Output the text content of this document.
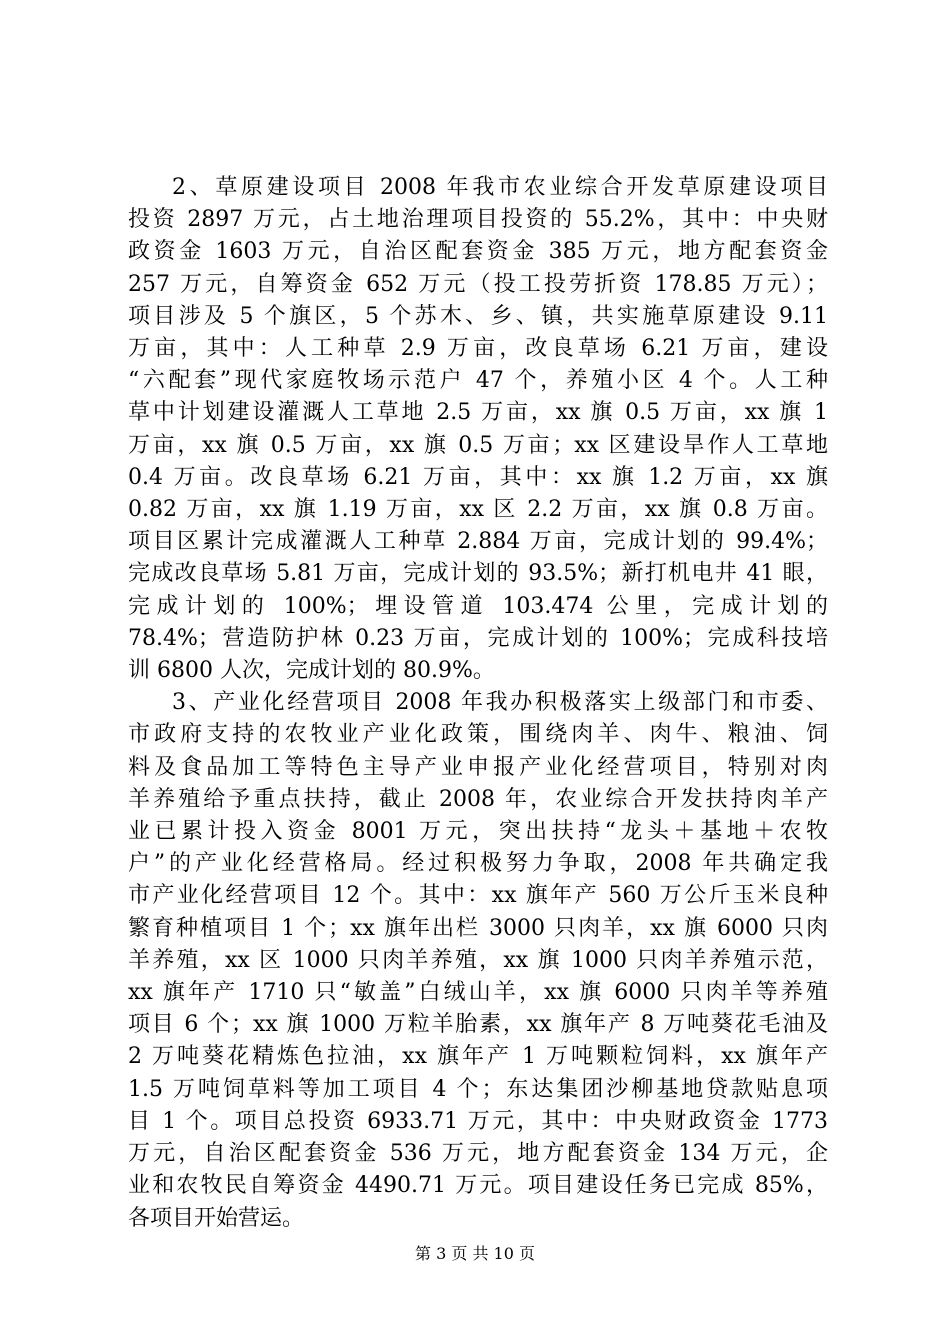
2、草原建设项目 2008 年我市农业综合开发草原建设项目
投资 2897 万元，占土地治理项目投资的 55.2%，其中：中央财
政资金 1603 万元，自治区配套资金 385 万元，地方配套资金
257 万元，自筹资金 652 万元（投工投劳折资 178.85 万元）；
项目涉及 5 个旗区，5 个苏木、乡、镇，共实施草原建设 9.11
万亩，其中：人工种草 2.9 万亩，改良草场 6.21 万亩，建设
“六配套”现代家庭牧场示范户 47 个，养殖小区 4 个。人工种
草中计划建设灌溉人工草地 2.5 万亩，xx 旗 0.5 万亩，xx 旗 1
万亩，xx 旗 0.5 万亩，xx 旗 0.5 万亩；xx 区建设旱作人工草地
0.4 万亩。改良草场 6.21 万亩，其中：xx 旗 1.2 万亩，xx 旗
0.82 万亩，xx 旗 1.19 万亩，xx 区 2.2 万亩，xx 旗 0.8 万亩。
项目区累计完成灌溉人工种草 2.884 万亩，完成计划的 99.4%；
完成改良草场 5.81 万亩，完成计划的 93.5%；新打机电井 41 眼，
完成计划的 100%；埋设管道 103.474 公里，完成计划的
78.4%；营造防护林 0.23 万亩，完成计划的 100%；完成科技培
训 6800 人次，完成计划的 80.9%。
3、产业化经营项目 2008 年我办积极落实上级部门和市委、
市政府支持的农牧业产业化政策，围绕肉羊、肉牛、粮油、饲
料及食品加工等特色主导产业申报产业化经营项目，特别对肉
羊养殖给予重点扶持，截止 2008 年，农业综合开发扶持肉羊产
业已累计投入资金 8001 万元，突出扶持“龙头＋基地＋农牧
户”的产业化经营格局。经过积极努力争取，2008 年共确定我
市产业化经营项目 12 个。其中：xx 旗年产 560 万公斤玉米良种
繁育种植项目 1 个；xx 旗年出栏 3000 只肉羊，xx 旗 6000 只肉
羊养殖，xx 区 1000 只肉羊养殖，xx 旗 1000 只肉羊养殖示范，
xx 旗年产 1710 只“敏盖”白绒山羊，xx 旗 6000 只肉羊等养殖
项目 6 个；xx 旗 1000 万粒羊胎素，xx 旗年产 8 万吨葵花毛油及
2 万吨葵花精炼色拉油，xx 旗年产 1 万吨颗粒饲料，xx 旗年产
1.5 万吨饲草料等加工项目 4 个；东达集团沙柳基地贷款贴息项
目 1 个。项目总投资 6933.71 万元，其中：中央财政资金 1773
万元，自治区配套资金 536 万元，地方配套资金 134 万元，企
业和农牧民自筹资金 4490.71 万元。项目建设任务已完成 85%，
各项目开始营运。
第 3 页 共 10 页
